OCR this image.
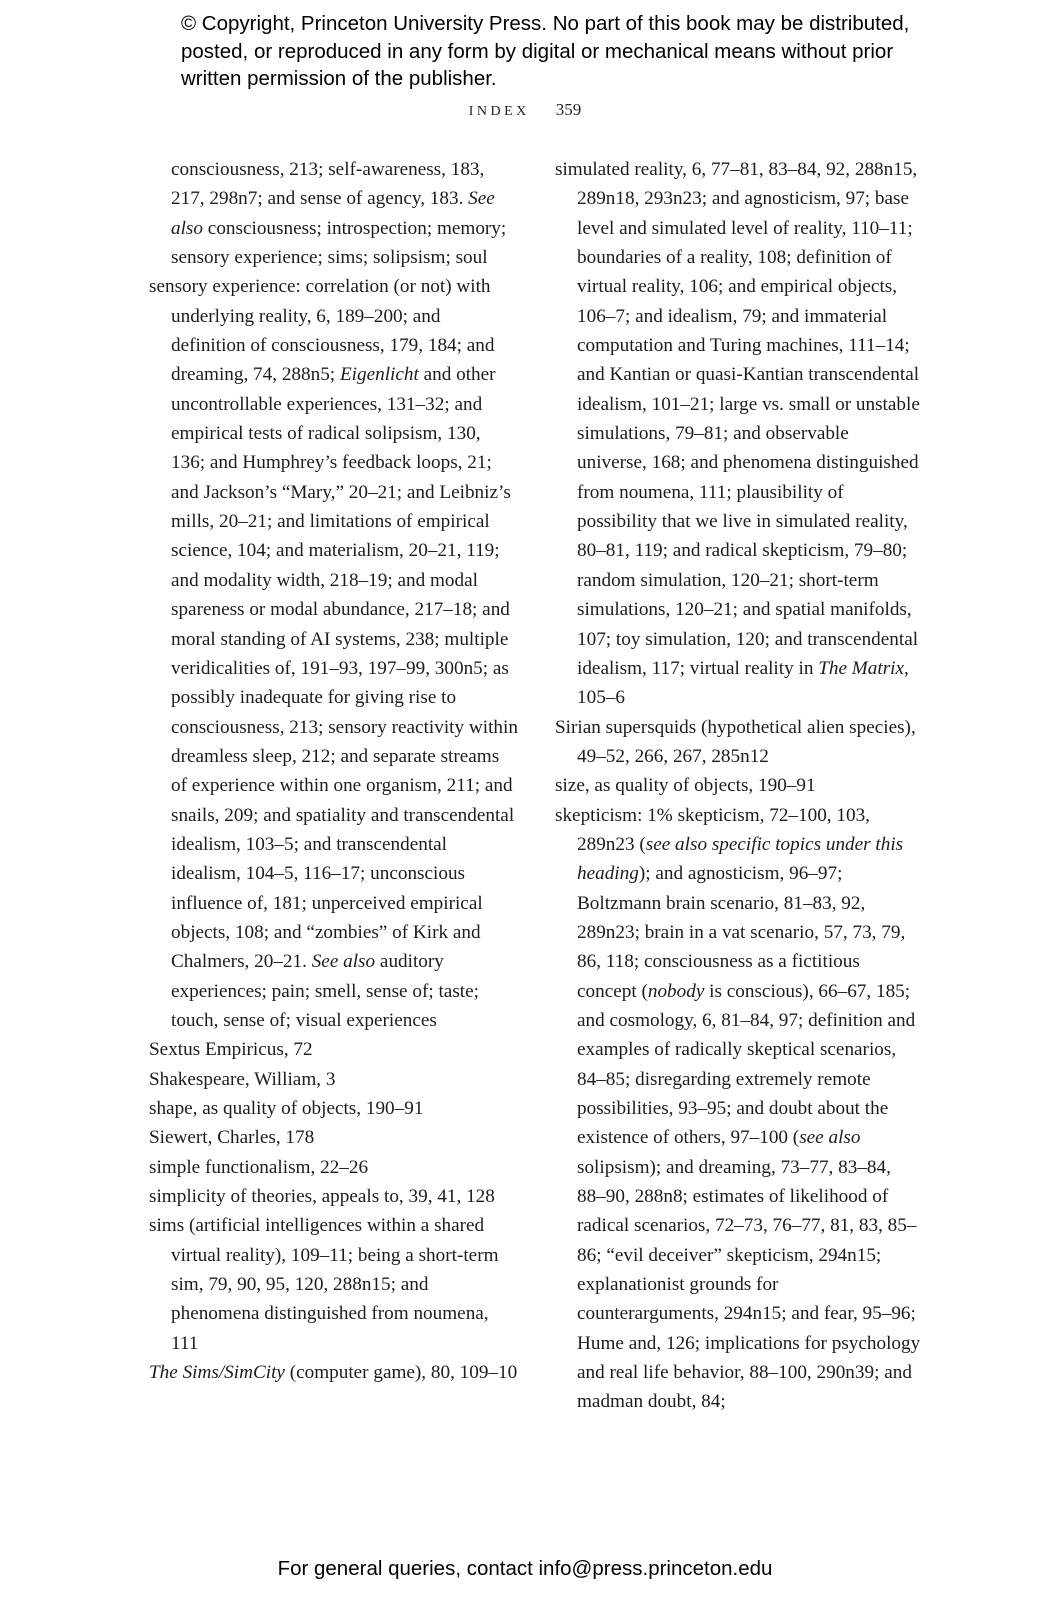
© Copyright, Princeton University Press. No part of this book may be distributed, posted, or reproduced in any form by digital or mechanical means without prior written permission of the publisher.
INDEX 359

consciousness, 213; self-awareness, 183, 217, 298n7; and sense of agency, 183. See also consciousness; introspection; memory; sensory experience; sims; solipsism; soul

sensory experience: correlation (or not) with underlying reality, 6, 189–200; and definition of consciousness, 179, 184; and dreaming, 74, 288n5; Eigenlicht and other uncontrollable experiences, 131–32; and empirical tests of radical solipsism, 130, 136; and Humphrey’s feedback loops, 21; and Jackson’s “Mary,” 20–21; and Leibniz’s mills, 20–21; and limitations of empirical science, 104; and materialism, 20–21, 119; and modality width, 218–19; and modal spareness or modal abundance, 217–18; and moral standing of AI systems, 238; multiple veridicalities of, 191–93, 197–99, 300n5; as possibly inadequate for giving rise to consciousness, 213; sensory reactivity within dreamless sleep, 212; and separate streams of experience within one organism, 211; and snails, 209; and spatiality and transcendental idealism, 103–5; and transcendental idealism, 104–5, 116–17; unconscious influence of, 181; unperceived empirical objects, 108; and “zombies” of Kirk and Chalmers, 20–21. See also auditory experiences; pain; smell, sense of; taste; touch, sense of; visual experiences

Sextus Empiricus, 72

Shakespeare, William, 3

shape, as quality of objects, 190–91

Siewert, Charles, 178

simple functionalism, 22–26

simplicity of theories, appeals to, 39, 41, 128

sims (artificial intelligences within a shared virtual reality), 109–11; being a short-term sim, 79, 90, 95, 120, 288n15; and phenomena distinguished from noumena, 111

The Sims/SimCity (computer game), 80, 109–10

simulated reality, 6, 77–81, 83–84, 92, 288n15, 289n18, 293n23; and agnosticism, 97; base level and simulated level of reality, 110–11; boundaries of a reality, 108; definition of virtual reality, 106; and empirical objects, 106–7; and idealism, 79; and immaterial computation and Turing machines, 111–14; and Kantian or quasi-Kantian transcendental idealism, 101–21; large vs. small or unstable simulations, 79–81; and observable universe, 168; and phenomena distinguished from noumena, 111; plausibility of possibility that we live in simulated reality, 80–81, 119; and radical skepticism, 79–80; random simulation, 120–21; short-term simulations, 120–21; and spatial manifolds, 107; toy simulation, 120; and transcendental idealism, 117; virtual reality in The Matrix, 105–6

Sirian supersquids (hypothetical alien species), 49–52, 266, 267, 285n12

size, as quality of objects, 190–91

skepticism: 1% skepticism, 72–100, 103, 289n23 (see also specific topics under this heading); and agnosticism, 96–97; Boltzmann brain scenario, 81–83, 92, 289n23; brain in a vat scenario, 57, 73, 79, 86, 118; consciousness as a fictitious concept (nobody is conscious), 66–67, 185; and cosmology, 6, 81–84, 97; definition and examples of radically skeptical scenarios, 84–85; disregarding extremely remote possibilities, 93–95; and doubt about the existence of others, 97–100 (see also solipsism); and dreaming, 73–77, 83–84, 88–90, 288n8; estimates of likelihood of radical scenarios, 72–73, 76–77, 81, 83, 85–86; “evil deceiver” skepticism, 294n15; explanationist grounds for counterarguments, 294n15; and fear, 95–96; Hume and, 126; implications for psychology and real life behavior, 88–100, 290n39; and madman doubt, 84;

For general queries, contact info@press.princeton.edu
